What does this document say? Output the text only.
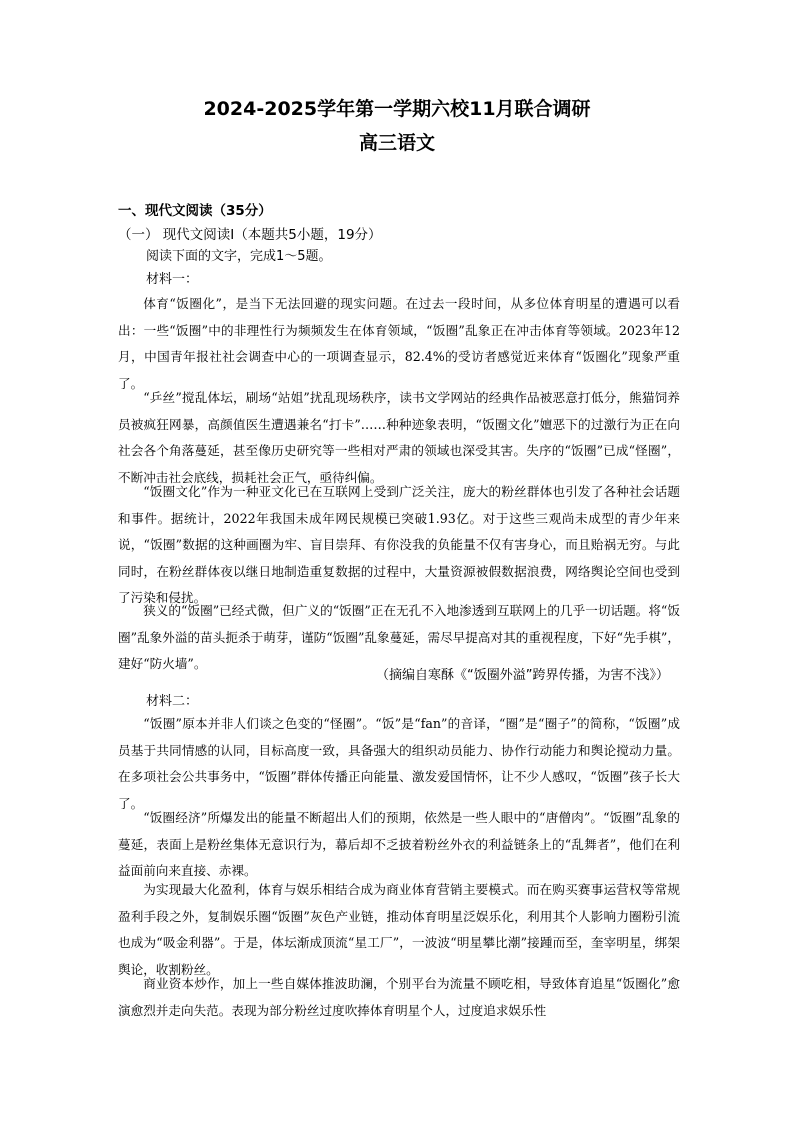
2024-2025学年第一学期六校11月联合调研
高三语文
一、现代文阅读（35分）
（一） 现代文阅读Ⅰ（本题共5小题，19分）
阅读下面的文字，完成1～5题。
材料一：

体育“饭圈化”，是当下无法回避的现实问题。在过去一段时间，从多位体育明星的遭遇可以看出：一些“饭圈”中的非理性行为频频发生在体育领域，“饭圈”乱象正在冲击体育等领域。2023年12月，中国青年报社社会调查中心的一项调查显示，82.4%的受访者感觉近来体育“饭圈化”现象严重了。

“乒丝”搅乱体坛，刷场“站姐”扰乱现场秩序，读书文学网站的经典作品被恶意打低分，熊猫饲养员被疯狂网暴，高颜值医生遭遇兼名“打卡”……种种迹象表明，“饭圈文化”嬗恶下的过激行为正在向社会各个角落蔓延，甚至像历史研究等一些相对严肃的领域也深受其害。失序的“饭圈”已成“怪圈”，不断冲击社会底线，损耗社会正气，亟待纠偏。

“饭圈文化”作为一种亚文化已在互联网上受到广泛关注，庞大的粉丝群体也引发了各种社会话题和事件。据统计，2022年我国未成年网民规模已突破1.93亿。对于这些三观尚未成型的青少年来说，“饭圈”数据的这种画圈为牢、盲目崇拜、有你没我的负能量不仅有害身心，而且贻祸无穷。与此同时，在粉丝群体夜以继日地制造重复数据的过程中，大量资源被假数据浪费，网络舆论空间也受到了污染和侵扰。

狭义的“饭圈”已经式微，但广义的“饭圈”正在无孔不入地渗透到互联网上的几乎一切话题。将“饭圈”乱象外溢的苗头扼杀于萌芽，谨防“饭圈”乱象蔓延，需尽早提高对其的重视程度，下好“先手棋”，建好“防火墙”。

（摘编自寒酥《“饭圈外溢”跨界传播，为害不浅》）
材料二：

“饭圈”原本并非人们谈之色变的“怪圈”。“饭”是“fan”的音译，“圈”是“圈子”的简称，“饭圈”成员基于共同情感的认同，目标高度一致，具备强大的组织动员能力、协作行动能力和舆论搅动力量。在多项社会公共事务中，“饭圈”群体传播正向能量、激发爱国情怀，让不少人感叹，“饭圈”孩子长大了。

“饭圈经济”所爆发出的能量不断超出人们的预期，依然是一些人眼中的“唐僧肉”。“饭圈”乱象的蔓延，表面上是粉丝集体无意识行为，幕后却不乏披着粉丝外衣的利益链条上的“乱舞者”，他们在利益面前向来直接、赤裸。

为实现最大化盈利，体育与娱乐相结合成为商业体育营销主要模式。而在购买赛事运营权等常规盈利手段之外，复制娱乐圈“饭圈”灰色产业链，推动体育明星泛娱乐化，利用其个人影响力圈粉引流也成为“吸金利器”。于是，体坛渐成顶流“星工厂”，一波波“明星攀比潮”接踵而至，奎宰明星，绑架舆论，收割粉丝。

商业资本炒作，加上一些自媒体推波助澜，个别平台为流量不顾吃相，导致体育追星“饭圈化”愈演愈烈并走向失范。表现为部分粉丝过度吹捧体育明星个人，过度追求娱乐性
